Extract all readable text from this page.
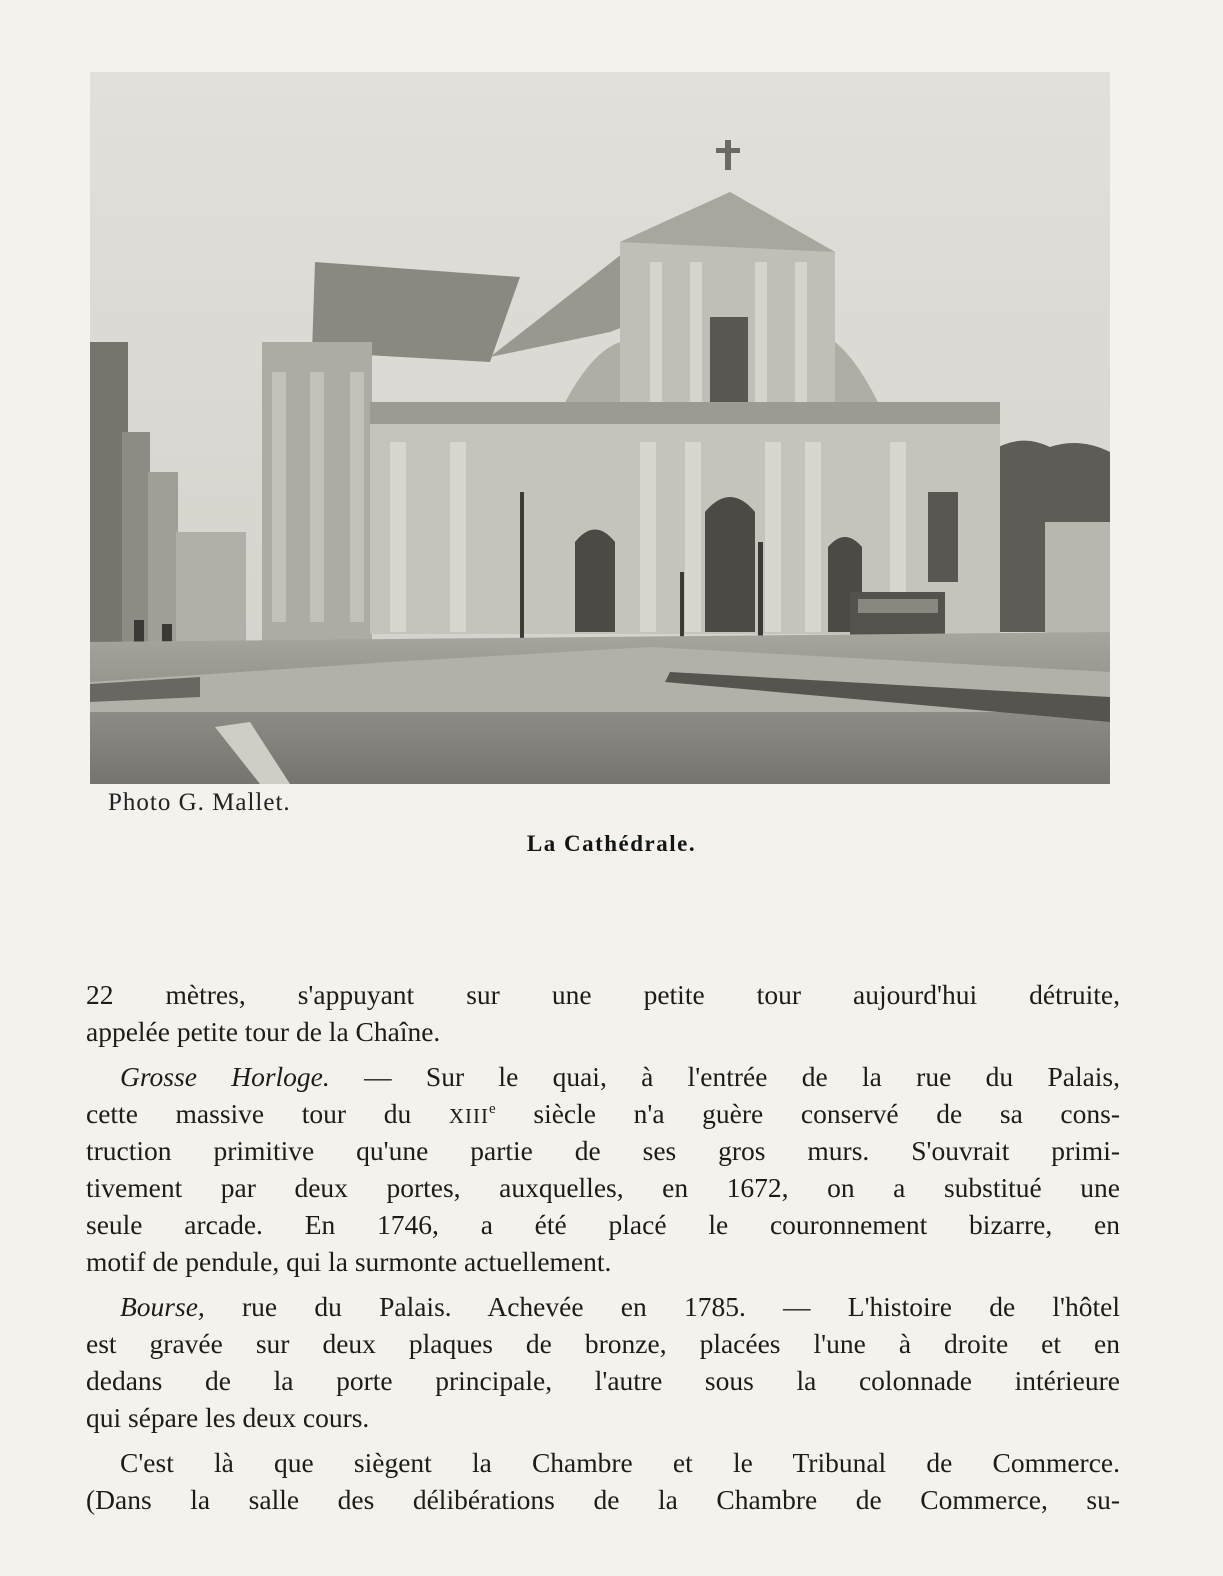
Photo G. Mallet.
La Cathédrale.
22 mètres, s'appuyant sur une petite tour aujourd'hui détruite,
appelée petite tour de la Chaîne.
Grosse Horloge. — Sur le quai, à l'entrée de la rue du Palais,
cette massive tour du XIIIe siècle n'a guère conservé de sa cons-
truction primitive qu'une partie de ses gros murs. S'ouvrait primi-
tivement par deux portes, auxquelles, en 1672, on a substitué une
seule arcade. En 1746, a été placé le couronnement bizarre, en
motif de pendule, qui la surmonte actuellement.
Bourse, rue du Palais. Achevée en 1785. — L'histoire de l'hôtel
est gravée sur deux plaques de bronze, placées l'une à droite et en
dedans de la porte principale, l'autre sous la colonnade intérieure
qui sépare les deux cours.
C'est là que siègent la Chambre et le Tribunal de Commerce.
(Dans la salle des délibérations de la Chambre de Commerce, su-
